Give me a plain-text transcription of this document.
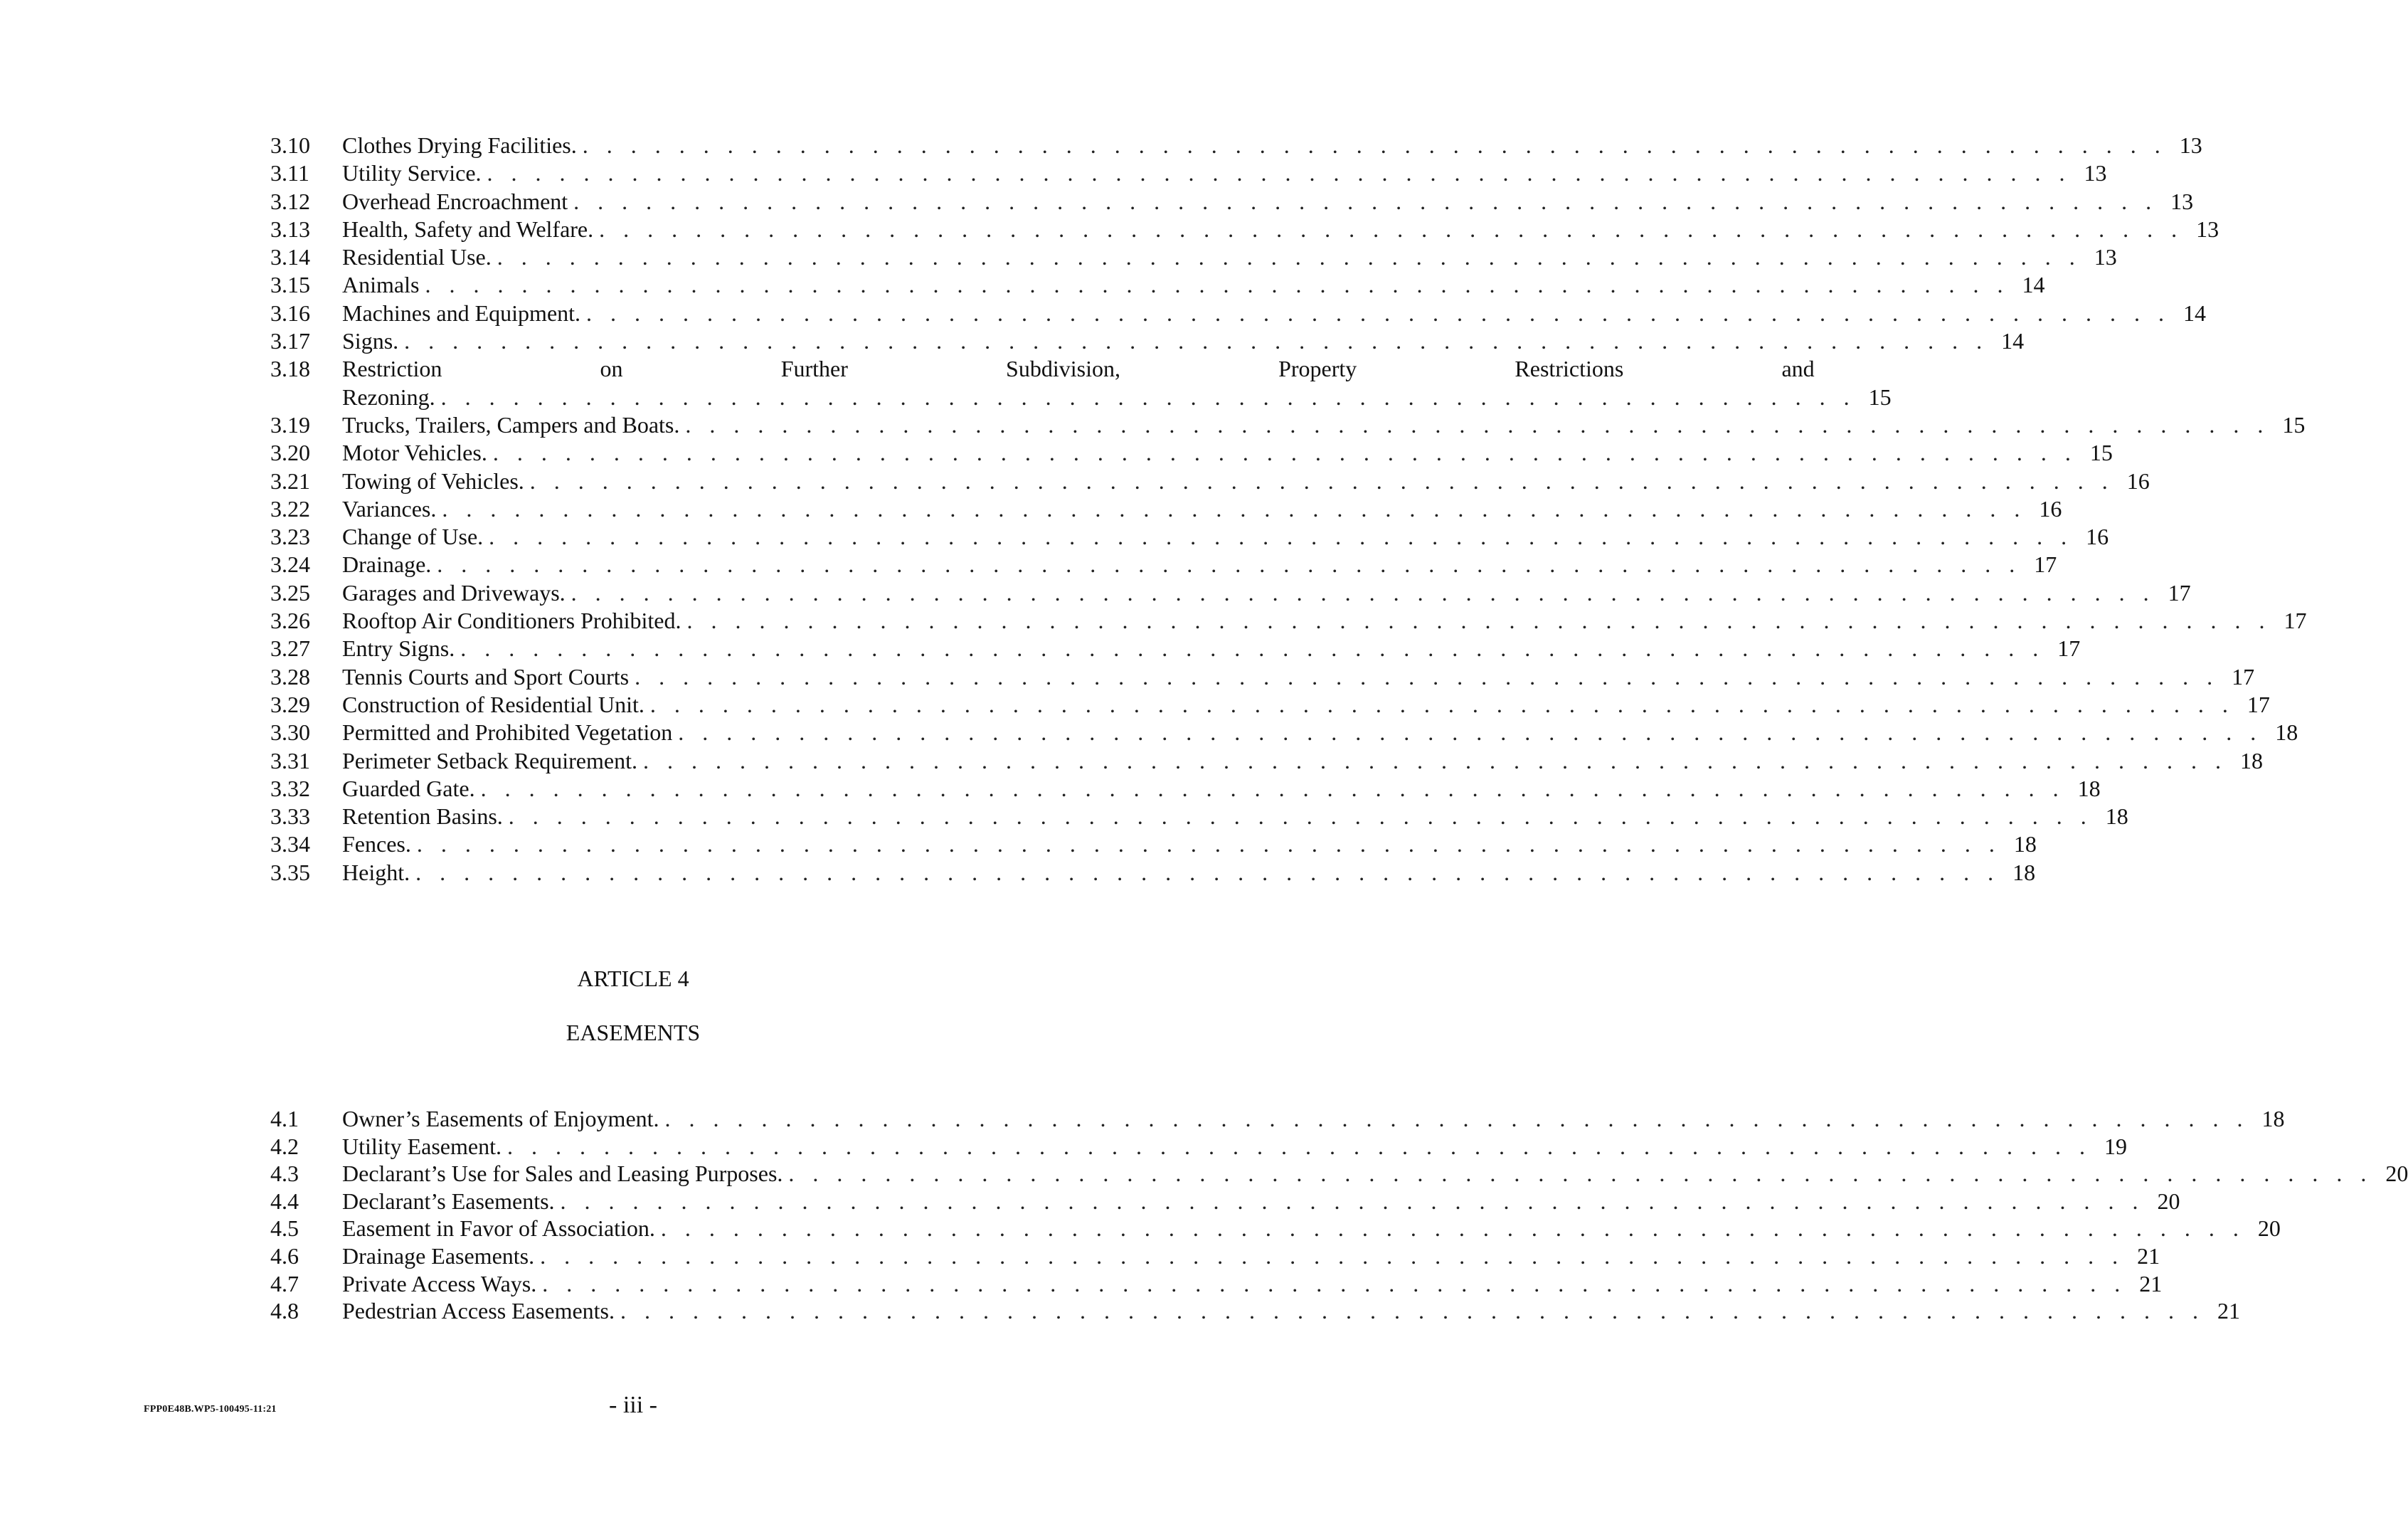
3.10	Clothes Drying Facilities. . . . . . . . . . . . . . . . . . . . . . . . . . . . . . . . . . . . . . . . . . . . . . . . . . . . . . . . . . . . . . . . . . . 13
3.11	Utility Service. . . . . . . . . . . . . . . . . . . . . . . . . . . . . . . . . . . . . . . . . . . . . . . . . . . . . . . . . . . . . . . . . . . 13
3.12	Overhead Encroachment . . . . . . . . . . . . . . . . . . . . . . . . . . . . . . . . . . . . . . . . . . . . . . . . . . . . . . . . . . . . . . . . . . 13
3.13	Health, Safety and Welfare. . . . . . . . . . . . . . . . . . . . . . . . . . . . . . . . . . . . . . . . . . . . . . . . . . . . . . . . . . . . . . . . . . . 13
3.14	Residential Use. . . . . . . . . . . . . . . . . . . . . . . . . . . . . . . . . . . . . . . . . . . . . . . . . . . . . . . . . . . . . . . . . . . 13
3.15	Animals . . . . . . . . . . . . . . . . . . . . . . . . . . . . . . . . . . . . . . . . . . . . . . . . . . . . . . . . . . . . . . . . . . 14
3.16	Machines and Equipment. . . . . . . . . . . . . . . . . . . . . . . . . . . . . . . . . . . . . . . . . . . . . . . . . . . . . . . . . . . . . . . . . . . 14
3.17	Signs. . . . . . . . . . . . . . . . . . . . . . . . . . . . . . . . . . . . . . . . . . . . . . . . . . . . . . . . . . . . . . . . . . . 14
3.18	Restriction on Further Subdivision, Property Restrictions and
Rezoning. . . . . . . . . . . . . . . . . . . . . . . . . . . . . . . . . . . . . . . . . . . . . . . . . . . . . . . . . . . . 15
3.19	Trucks, Trailers, Campers and Boats. . . . . . . . . . . . . . . . . . . . . . . . . . . . . . . . . . . . . . . . . . . . . . . . . . . . . . . . . . . . . . . . . . . 15
3.20	Motor Vehicles. . . . . . . . . . . . . . . . . . . . . . . . . . . . . . . . . . . . . . . . . . . . . . . . . . . . . . . . . . . . . . . . . . . 15
3.21	Towing of Vehicles. . . . . . . . . . . . . . . . . . . . . . . . . . . . . . . . . . . . . . . . . . . . . . . . . . . . . . . . . . . . . . . . . . . 16
3.22	Variances. . . . . . . . . . . . . . . . . . . . . . . . . . . . . . . . . . . . . . . . . . . . . . . . . . . . . . . . . . . . . . . . . . . 16
3.23	Change of Use. . . . . . . . . . . . . . . . . . . . . . . . . . . . . . . . . . . . . . . . . . . . . . . . . . . . . . . . . . . . . . . . . . . 16
3.24	Drainage. . . . . . . . . . . . . . . . . . . . . . . . . . . . . . . . . . . . . . . . . . . . . . . . . . . . . . . . . . . . . . . . . . . 17
3.25	Garages and Driveways. . . . . . . . . . . . . . . . . . . . . . . . . . . . . . . . . . . . . . . . . . . . . . . . . . . . . . . . . . . . . . . . . . . 17
3.26	Rooftop Air Conditioners Prohibited. . . . . . . . . . . . . . . . . . . . . . . . . . . . . . . . . . . . . . . . . . . . . . . . . . . . . . . . . . . . . . . . . . . 17
3.27	Entry Signs. . . . . . . . . . . . . . . . . . . . . . . . . . . . . . . . . . . . . . . . . . . . . . . . . . . . . . . . . . . . . . . . . . . 17
3.28	Tennis Courts and Sport Courts . . . . . . . . . . . . . . . . . . . . . . . . . . . . . . . . . . . . . . . . . . . . . . . . . . . . . . . . . . . . . . . . . . 17
3.29	Construction of Residential Unit. . . . . . . . . . . . . . . . . . . . . . . . . . . . . . . . . . . . . . . . . . . . . . . . . . . . . . . . . . . . . . . . . . . 17
3.30	Permitted and Prohibited Vegetation . . . . . . . . . . . . . . . . . . . . . . . . . . . . . . . . . . . . . . . . . . . . . . . . . . . . . . . . . . . . . . . . . . 18
3.31	Perimeter Setback Requirement. . . . . . . . . . . . . . . . . . . . . . . . . . . . . . . . . . . . . . . . . . . . . . . . . . . . . . . . . . . . . . . . . . . 18
3.32	Guarded Gate. . . . . . . . . . . . . . . . . . . . . . . . . . . . . . . . . . . . . . . . . . . . . . . . . . . . . . . . . . . . . . . . . . . 18
3.33	Retention Basins. . . . . . . . . . . . . . . . . . . . . . . . . . . . . . . . . . . . . . . . . . . . . . . . . . . . . . . . . . . . . . . . . . . 18
3.34	Fences. . . . . . . . . . . . . . . . . . . . . . . . . . . . . . . . . . . . . . . . . . . . . . . . . . . . . . . . . . . . . . . . . . . 18
3.35	Height. . . . . . . . . . . . . . . . . . . . . . . . . . . . . . . . . . . . . . . . . . . . . . . . . . . . . . . . . . . . . . . . . . . 18
ARTICLE 4
EASEMENTS
4.1	Owner’s Easements of Enjoyment. . . . . . . . . . . . . . . . . . . . . . . . . . . . . . . . . . . . . . . . . . . . . . . . . . . . . . . . . . . . . . . . . . . 18
4.2	Utility Easement. . . . . . . . . . . . . . . . . . . . . . . . . . . . . . . . . . . . . . . . . . . . . . . . . . . . . . . . . . . . . . . . . . . 19
4.3	Declarant’s Use for Sales and Leasing Purposes. . . . . . . . . . . . . . . . . . . . . . . . . . . . . . . . . . . . . . . . . . . . . . . . . . . . . . . . . . . . . . . . . . . 20
4.4	Declarant’s Easements. . . . . . . . . . . . . . . . . . . . . . . . . . . . . . . . . . . . . . . . . . . . . . . . . . . . . . . . . . . . . . . . . . . 20
4.5	Easement in Favor of Association. . . . . . . . . . . . . . . . . . . . . . . . . . . . . . . . . . . . . . . . . . . . . . . . . . . . . . . . . . . . . . . . . . . 20
4.6	Drainage Easements. . . . . . . . . . . . . . . . . . . . . . . . . . . . . . . . . . . . . . . . . . . . . . . . . . . . . . . . . . . . . . . . . . . 21
4.7	Private Access Ways. . . . . . . . . . . . . . . . . . . . . . . . . . . . . . . . . . . . . . . . . . . . . . . . . . . . . . . . . . . . . . . . . . . 21
4.8	Pedestrian Access Easements. . . . . . . . . . . . . . . . . . . . . . . . . . . . . . . . . . . . . . . . . . . . . . . . . . . . . . . . . . . . . . . . . . . 21
FPP0E48B.WP5-100495-11:21	- iii -
